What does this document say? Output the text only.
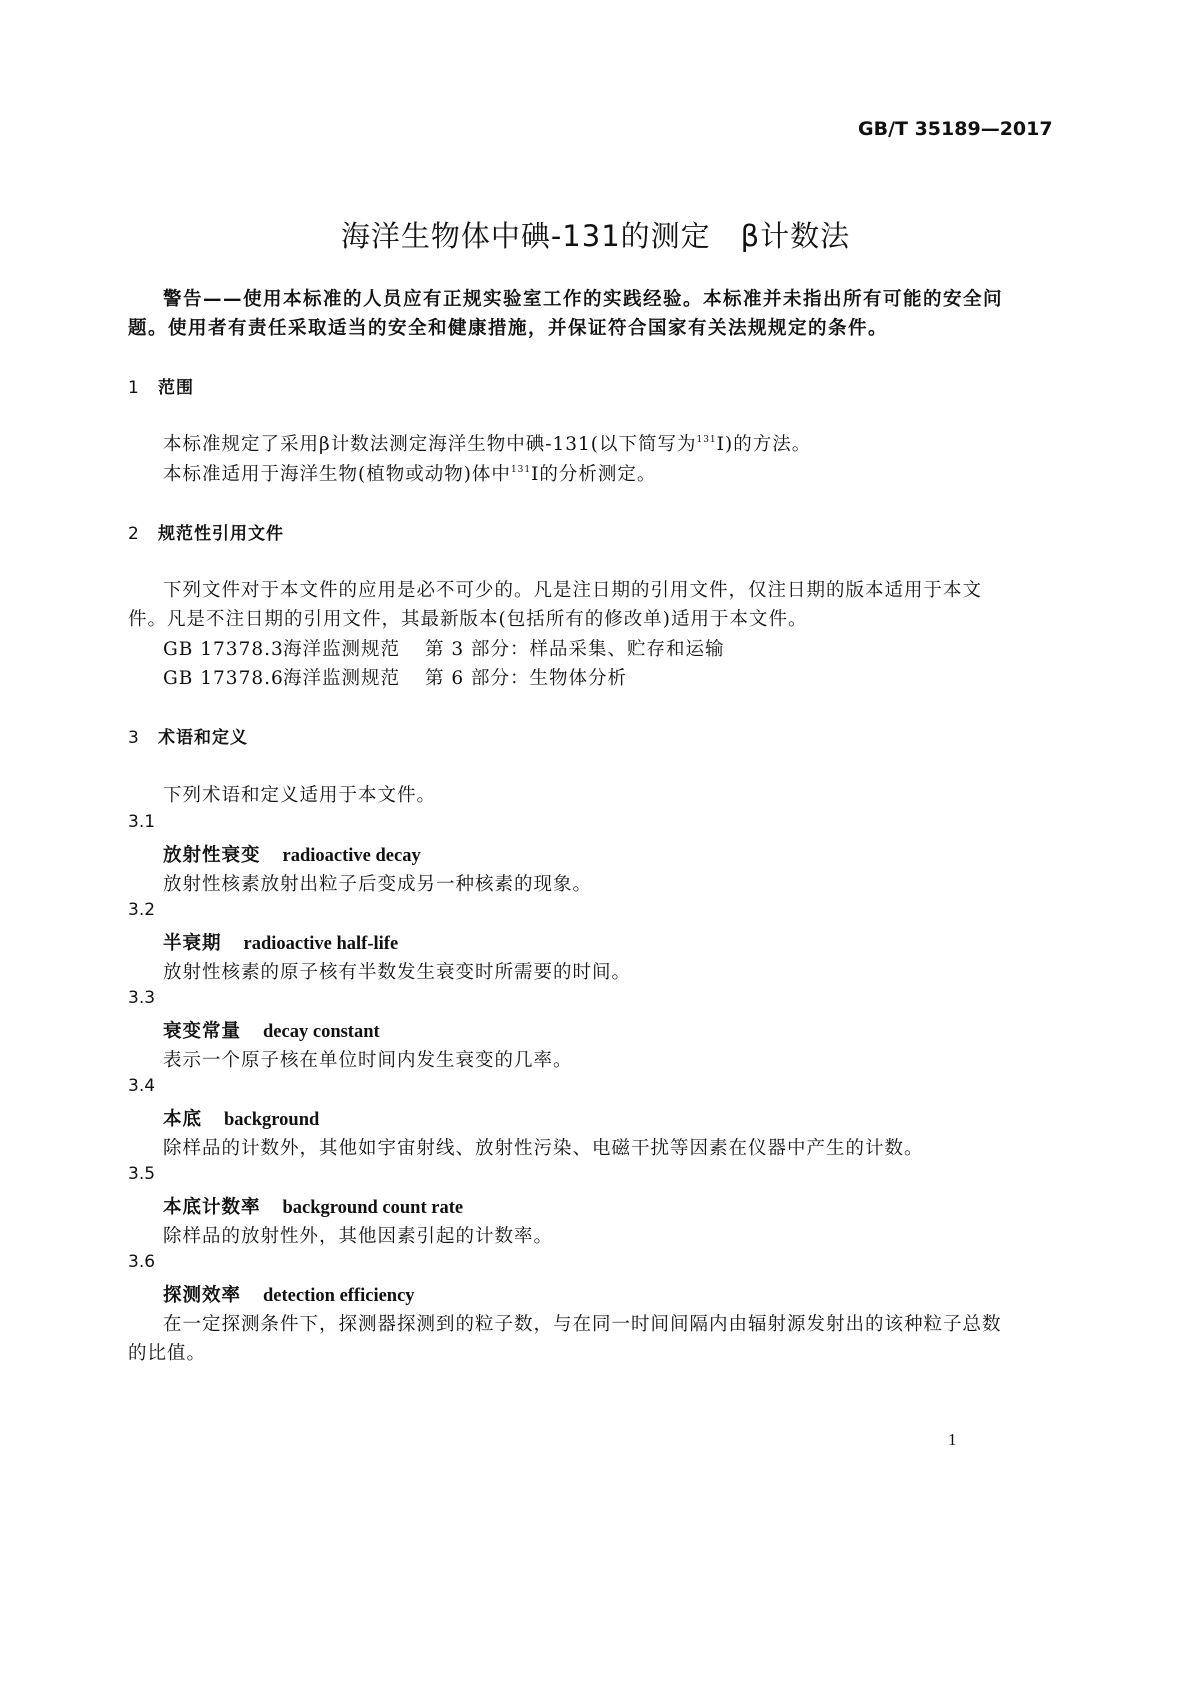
GB/T 35189—2017
海洋生物体中碘-131的测定　β计数法
警告——使用本标准的人员应有正规实验室工作的实践经验。本标准并未指出所有可能的安全问
题。使用者有责任采取适当的安全和健康措施，并保证符合国家有关法规规定的条件。
1 范围
本标准规定了采用β计数法测定海洋生物中碘-131(以下简写为$^{131}$I)的方法。
本标准适用于海洋生物(植物或动物)体中$^{131}$I的分析测定。
2 规范性引用文件
下列文件对于本文件的应用是必不可少的。凡是注日期的引用文件，仅注日期的版本适用于本文
件。凡是不注日期的引用文件，其最新版本(包括所有的修改单)适用于本文件。
GB 17378.3海洋监测规范 第 3 部分：样品采集、贮存和运输
GB 17378.6海洋监测规范 第 6 部分：生物体分析
3 术语和定义
下列术语和定义适用于本文件。
3.1
放射性衰变 radioactive decay
放射性核素放射出粒子后变成另一种核素的现象。
3.2
半衰期 radioactive half-life
放射性核素的原子核有半数发生衰变时所需要的时间。
3.3
衰变常量 decay constant
表示一个原子核在单位时间内发生衰变的几率。
3.4
本底 background
除样品的计数外，其他如宇宙射线、放射性污染、电磁干扰等因素在仪器中产生的计数。
3.5
本底计数率 background count rate
除样品的放射性外，其他因素引起的计数率。
3.6
探测效率 detection efficiency
在一定探测条件下，探测器探测到的粒子数，与在同一时间间隔内由辐射源发射出的该种粒子总数
的比值。
1
